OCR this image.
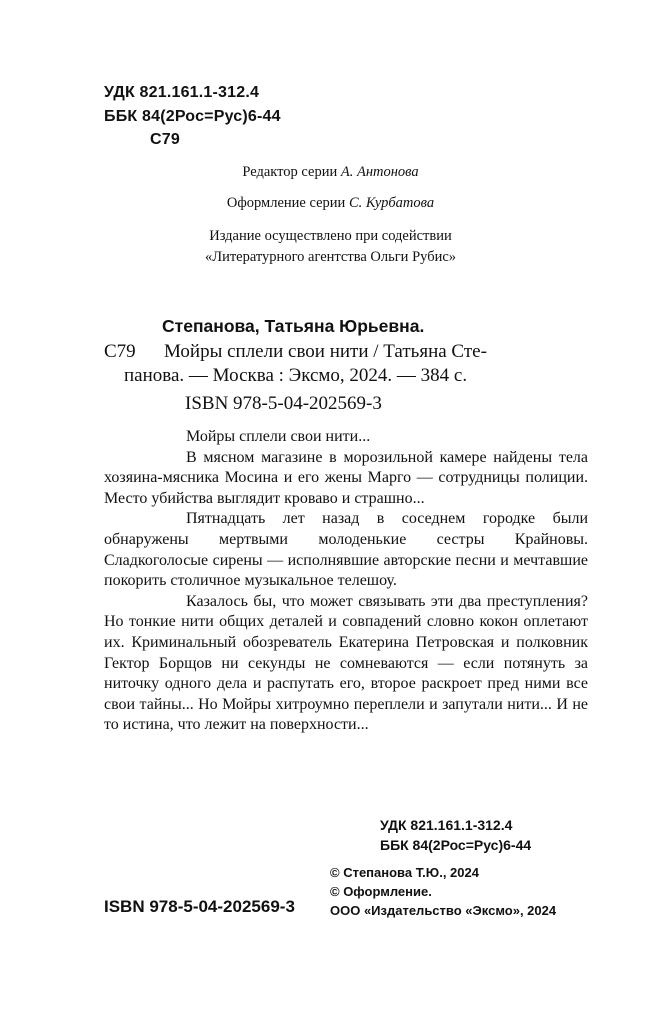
УДК 821.161.1-312.4
ББК 84(2Рос=Рус)6-44
С79
Редактор серии А. Антонова
Оформление серии С. Курбатова
Издание осуществлено при содействии
«Литературного агентства Ольги Рубис»
Степанова, Татьяна Юрьевна.
С79 Мойры сплели свои нити / Татьяна Сте-
панова. — Москва : Эксмо, 2024. — 384 с.
ISBN 978-5-04-202569-3

Мойры сплели свои нити...

В мясном магазине в морозильной камере найдены тела хозяина-мясника Мосина и его жены Марго — сотрудницы полиции. Место убийства выглядит кроваво и страшно...

Пятнадцать лет назад в соседнем городке были обнаружены мертвыми молоденькие сестры Крайновы. Сладкоголосые сирены — исполнявшие авторские песни и мечтавшие покорить столичное музыкальное телешоу.

Казалось бы, что может связывать эти два преступления? Но тонкие нити общих деталей и совпадений словно кокон оплетают их. Криминальный обозреватель Екатерина Петровская и полковник Гектор Борщов ни секунды не сомневаются — если потянуть за ниточку одного дела и распутать его, второе раскроет пред ними все свои тайны... Но Мойры хитроумно переплели и запутали нити... И не то истина, что лежит на поверхности...

УДК 821.161.1-312.4
ББК 84(2Рос=Рус)6-44
© Степанова Т.Ю., 2024
© Оформление.
ООО «Издательство «Эксмо», 2024
ISBN 978-5-04-202569-3
